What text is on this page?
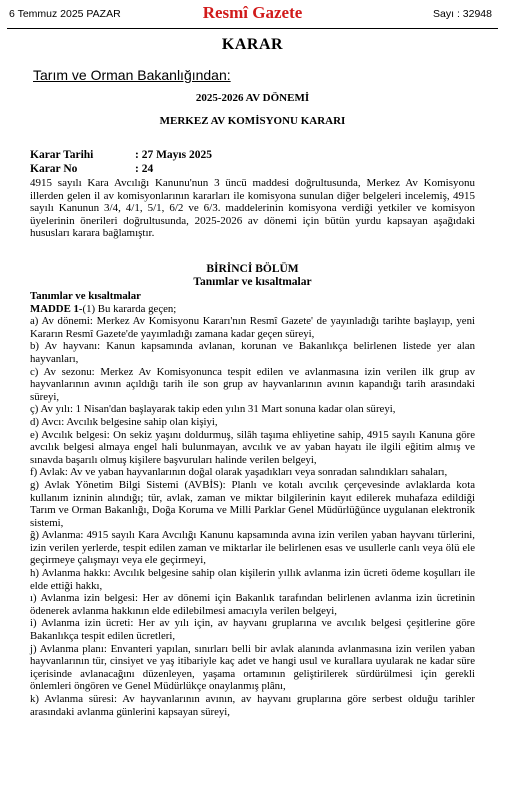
6 Temmuz 2025 PAZAR	Resmî Gazete	Sayı : 32948
KARAR
Tarım ve Orman Bakanlığından:
2025-2026 AV DÖNEMİ
MERKEZ AV KOMİSYONU KARARI
Karar Tarihi	: 27 Mayıs 2025
Karar No	: 24

4915 sayılı Kara Avcılığı Kanunu'nun 3 üncü maddesi doğrultusunda, Merkez Av Komisyonu illerden gelen il av komisyonlarının kararları ile komisyona sunulan diğer belgeleri incelemiş, 4915 sayılı Kanunun 3/4, 4/1, 5/1, 6/2 ve 6/3. maddelerinin komisyona verdiği yetkiler ve komisyon üyelerinin önerileri doğrultusunda, 2025-2026 av dönemi için bütün yurdu kapsayan aşağıdaki hususları karara bağlamıştır.

BİRİNCİ BÖLÜM
Tanımlar ve kısaltmalar

Tanımlar ve kısaltmalar

MADDE 1-(1) Bu kararda geçen;

a) Av dönemi: Merkez Av Komisyonu Kararı'nın Resmî Gazete' de yayınladığı tarihte başlayıp, yeni Kararın Resmî Gazete'de yayımladığı zamana kadar geçen süreyi,

b) Av hayvanı: Kanun kapsamında avlanan, korunan ve Bakanlıkça belirlenen listede yer alan hayvanları,

c) Av sezonu: Merkez Av Komisyonunca tespit edilen ve avlanmasına izin verilen ilk grup av hayvanlarının avının açıldığı tarih ile son grup av hayvanlarının avının kapandığı tarih arasındaki süreyi,

ç) Av yılı: 1 Nisan'dan başlayarak takip eden yılın 31 Mart sonuna kadar olan süreyi,

d) Avcı: Avcılık belgesine sahip olan kişiyi,

e) Avcılık belgesi: On sekiz yaşını doldurmuş, silâh taşıma ehliyetine sahip, 4915 sayılı Kanuna göre avcılık belgesi almaya engel hali bulunmayan, avcılık ve av yaban hayatı ile ilgili eğitim almış ve sınavda başarılı olmuş kişilere başvuruları halinde verilen belgeyi,

f) Avlak: Av ve yaban hayvanlarının doğal olarak yaşadıkları veya sonradan salındıkları sahaları,

g) Avlak Yönetim Bilgi Sistemi (AVBİS): Planlı ve kotalı avcılık çerçevesinde avlaklarda kota kullanım izninin alındığı; tür, avlak, zaman ve miktar bilgilerinin kayıt edilerek muhafaza edildiği Tarım ve Orman Bakanlığı, Doğa Koruma ve Milli Parklar Genel Müdürlüğünce uygulanan elektronik sistemi,

ğ) Avlanma: 4915 sayılı Kara Avcılığı Kanunu kapsamında avına izin verilen yaban hayvanı türlerini, izin verilen yerlerde, tespit edilen zaman ve miktarlar ile belirlenen esas ve usullerle canlı veya ölü ele geçirmeye çalışmayı veya ele geçirmeyi,

h) Avlanma hakkı: Avcılık belgesine sahip olan kişilerin yıllık avlanma izin ücreti ödeme koşulları ile elde ettiği hakkı,

ı) Avlanma izin belgesi: Her av dönemi için Bakanlık tarafından belirlenen avlanma izin ücretinin ödenerek avlanma hakkının elde edilebilmesi amacıyla verilen belgeyi,

i) Avlanma izin ücreti: Her av yılı için, av hayvanı gruplarına ve avcılık belgesi çeşitlerine göre Bakanlıkça tespit edilen ücretleri,

j) Avlanma planı: Envanteri yapılan, sınırları belli bir avlak alanında avlanmasına izin verilen yaban hayvanlarının tür, cinsiyet ve yaş itibariyle kaç adet ve hangi usul ve kurallara uyularak ne kadar süre içerisinde avlanacağını düzenleyen, yaşama ortamının geliştirilerek sürdürülmesi için gerekli önlemleri öngören ve Genel Müdürlükçe onaylanmış plânı,

k) Avlanma süresi: Av hayvanlarının avının, av hayvanı gruplarına göre serbest olduğu tarihler arasındaki avlanma günlerini kapsayan süreyi,
